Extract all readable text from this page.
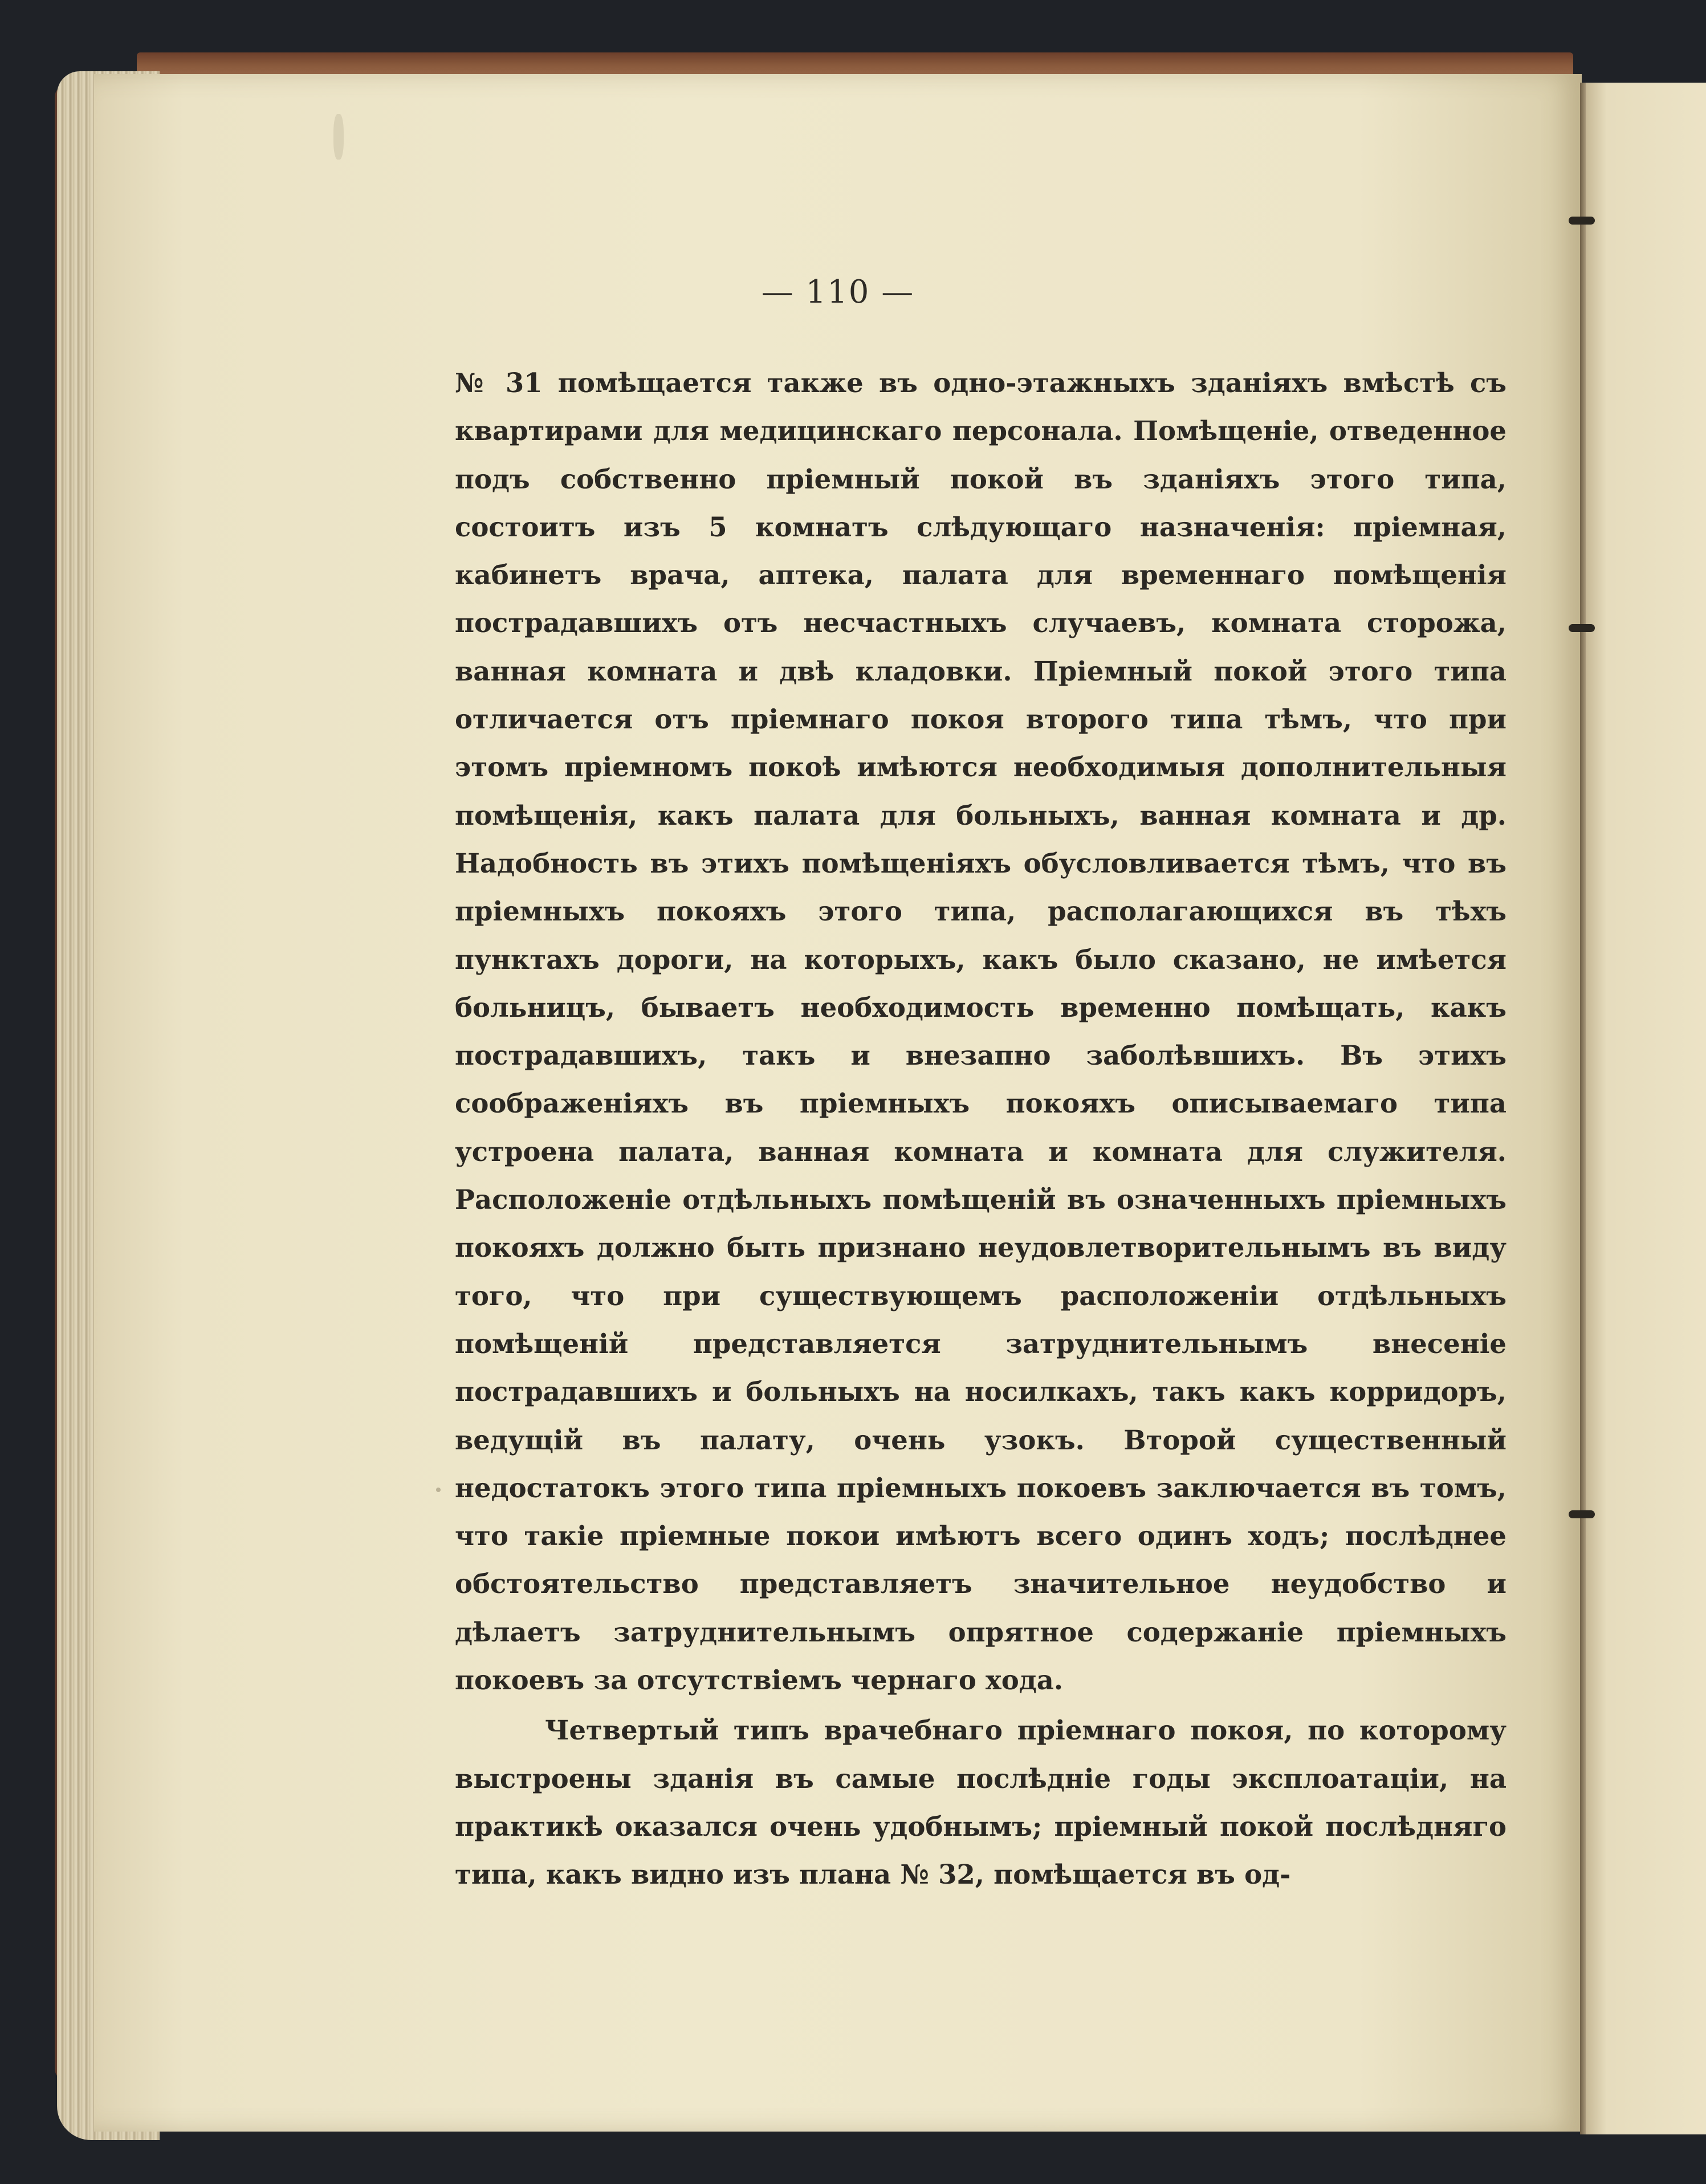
— 110 —

№ 31 помѣщается также въ одно-этажныхъ зданіяхъ вмѣстѣ съ квартирами для медицинскаго персонала. Помѣщеніе, отведенное подъ собственно пріемный покой въ зданіяхъ этого типа, состоитъ изъ 5 комнатъ слѣдующаго назначенія: пріемная, кабинетъ врача, аптека, палата для временнаго помѣщенія пострадавшихъ отъ несчастныхъ случаевъ, комната сторожа, ванная комната и двѣ кладовки. Пріемный покой этого типа отличается отъ пріемнаго покоя второго типа тѣмъ, что при этомъ пріемномъ покоѣ имѣются необходимыя дополнительныя помѣщенія, какъ палата для больныхъ, ванная комната и др. Надобность въ этихъ помѣщеніяхъ обусловливается тѣмъ, что въ пріемныхъ покояхъ этого типа, располагающихся въ тѣхъ пунктахъ дороги, на которыхъ, какъ было сказано, не имѣется больницъ, бываетъ необходимость временно помѣщать, какъ пострадавшихъ, такъ и внезапно заболѣвшихъ. Въ этихъ соображеніяхъ въ пріемныхъ покояхъ описываемаго типа устроена палата, ванная комната и комната для служителя. Расположеніе отдѣльныхъ помѣщеній въ означенныхъ пріемныхъ покояхъ должно быть признано неудовлетворительнымъ въ виду того, что при существующемъ расположеніи отдѣльныхъ помѣщеній представляется затруднительнымъ внесеніе пострадавшихъ и больныхъ на носилкахъ, такъ какъ корридоръ, ведущій въ палату, очень узокъ. Второй существенный недостатокъ этого типа пріемныхъ покоевъ заключается въ томъ, что такіе пріемные покои имѣютъ всего одинъ ходъ; послѣднее обстоятельство представляетъ значительное неудобство и дѣлаетъ затруднительнымъ опрятное содержаніе пріемныхъ покоевъ за отсутствіемъ чернаго хода.

Четвертый типъ врачебнаго пріемнаго покоя, по которому выстроены зданія въ самые послѣдніе годы эксплоатаціи, на практикѣ оказался очень удобнымъ; пріемный покой послѣдняго типа, какъ видно изъ плана № 32, помѣщается въ од-
